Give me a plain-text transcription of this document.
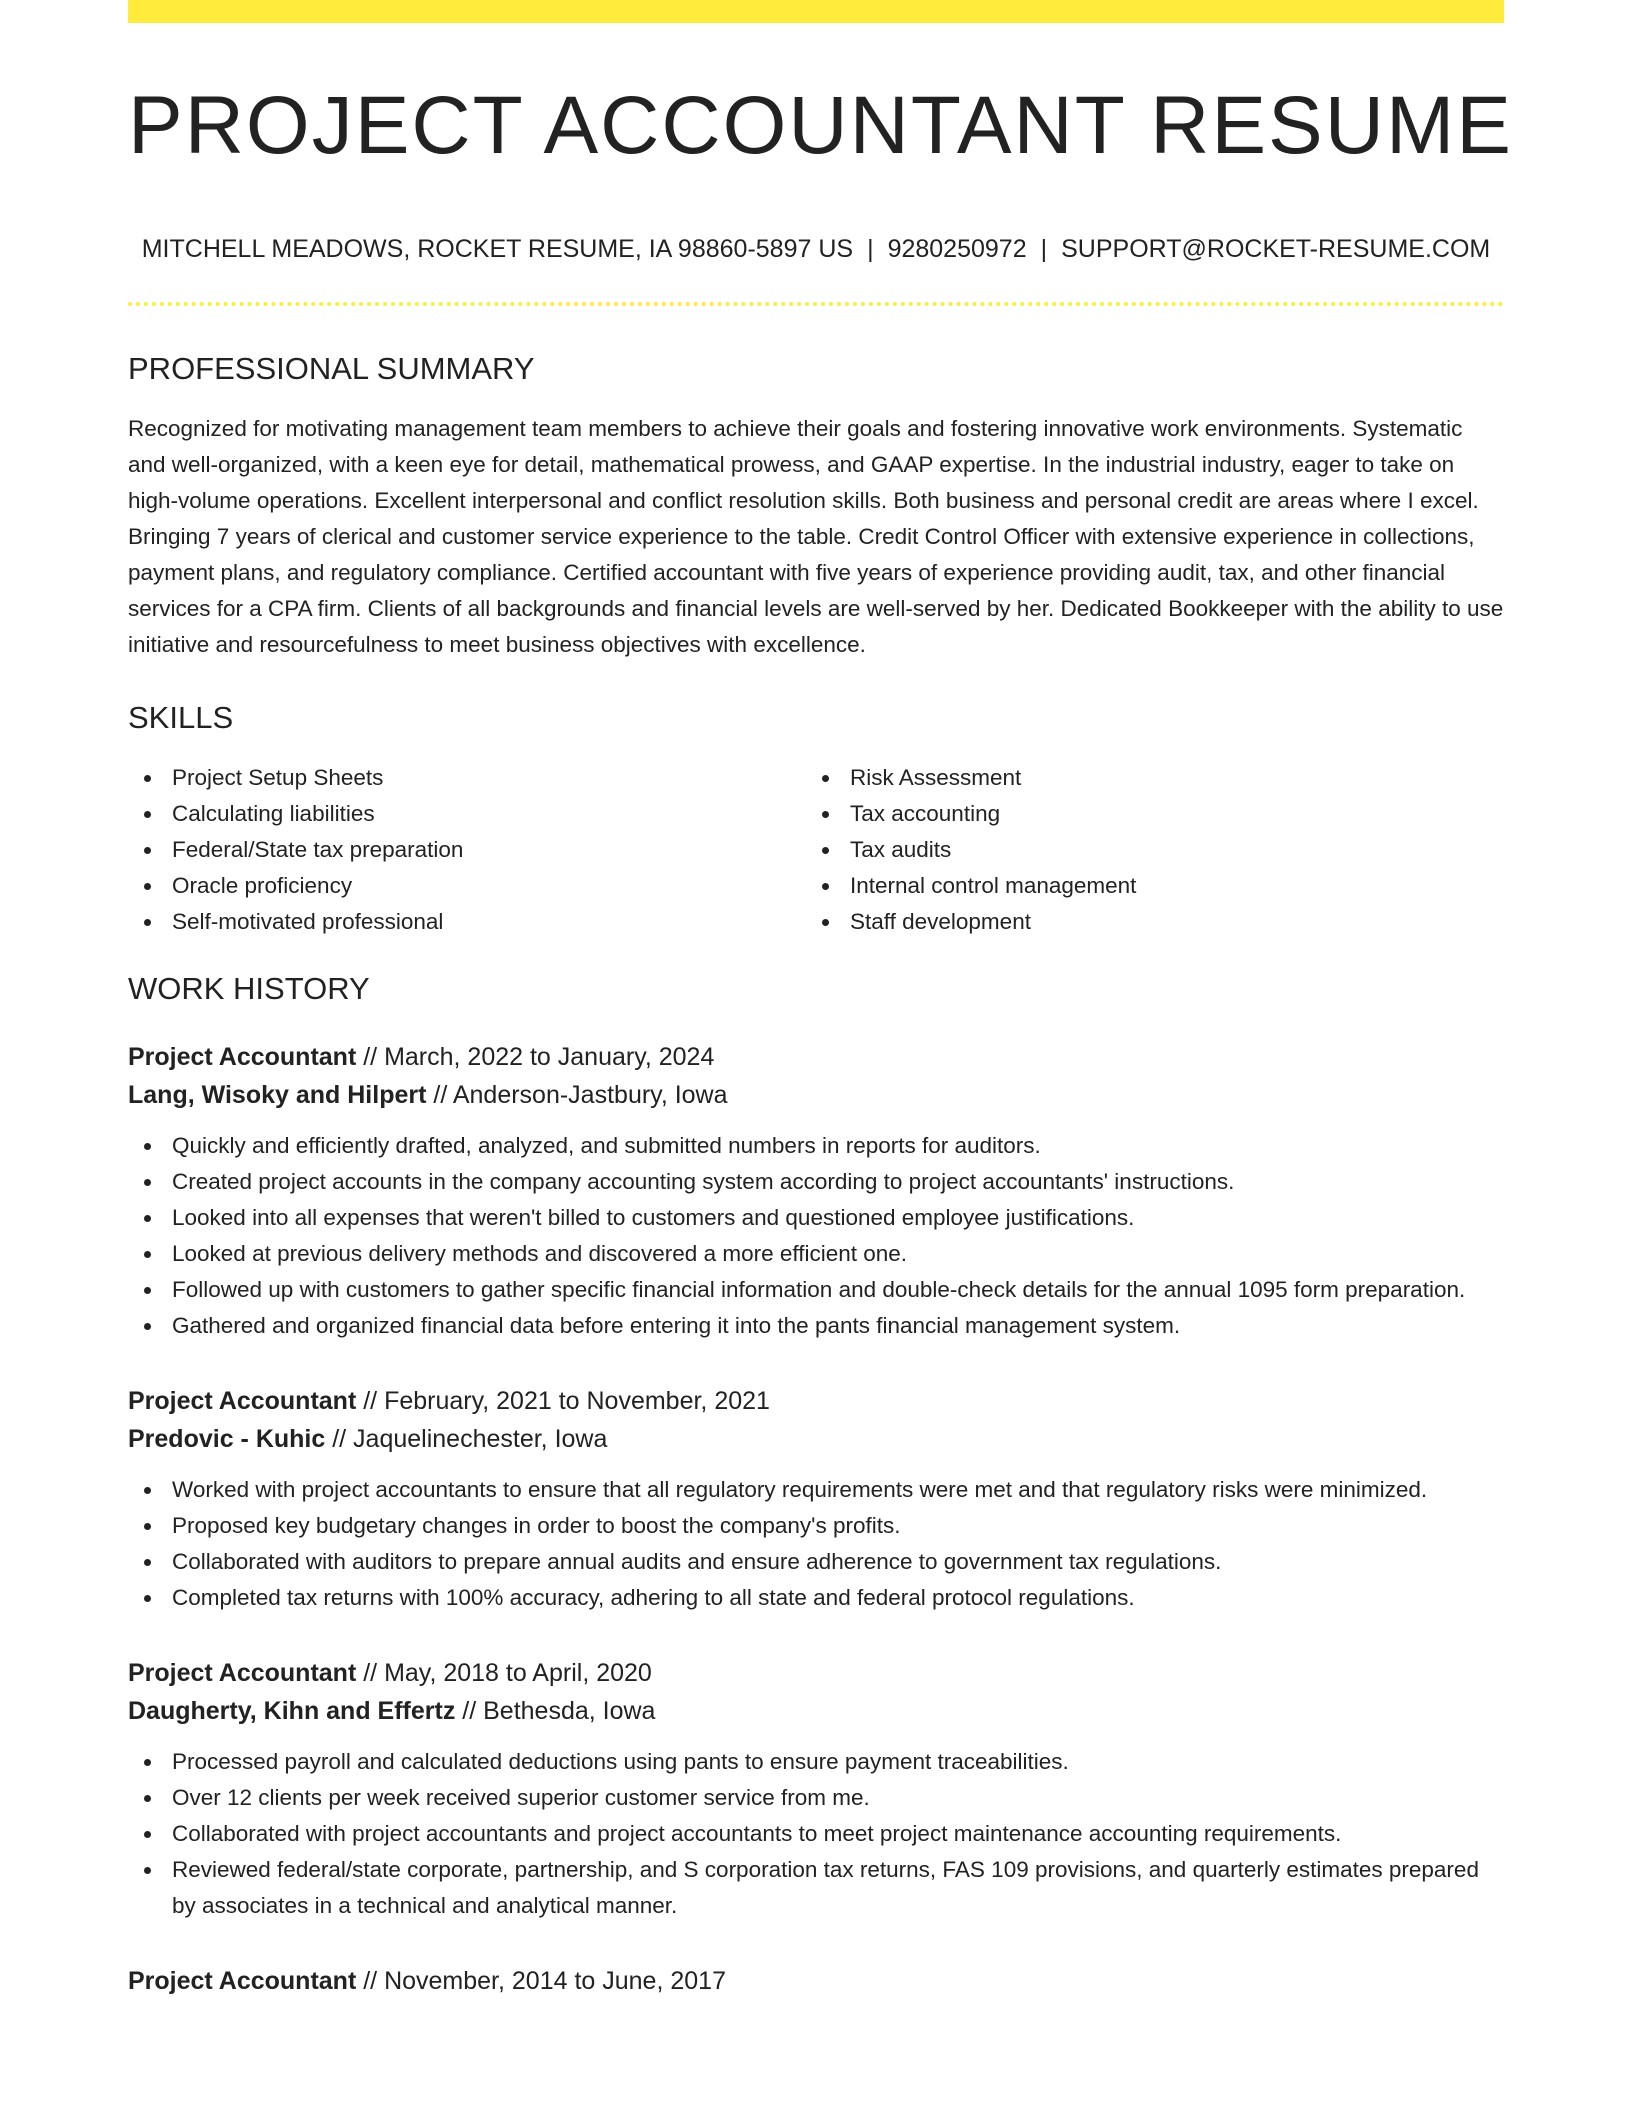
PROJECT ACCOUNTANT RESUME
MITCHELL MEADOWS, ROCKET RESUME, IA 98860-5897 US | 9280250972 | SUPPORT@ROCKET-RESUME.COM
PROFESSIONAL SUMMARY

Recognized for motivating management team members to achieve their goals and fostering innovative work environments. Systematic and well-organized, with a keen eye for detail, mathematical prowess, and GAAP expertise. In the industrial industry, eager to take on high-volume operations. Excellent interpersonal and conflict resolution skills. Both business and personal credit are areas where I excel. Bringing 7 years of clerical and customer service experience to the table. Credit Control Officer with extensive experience in collections, payment plans, and regulatory compliance. Certified accountant with five years of experience providing audit, tax, and other financial services for a CPA firm. Clients of all backgrounds and financial levels are well-served by her. Dedicated Bookkeeper with the ability to use initiative and resourcefulness to meet business objectives with excellence.

SKILLS
Project Setup Sheets
Calculating liabilities
Federal/State tax preparation
Oracle proficiency
Self-motivated professional
Risk Assessment
Tax accounting
Tax audits
Internal control management
Staff development
WORK HISTORY
Project Accountant // March, 2022 to January, 2024
Lang, Wisoky and Hilpert // Anderson-Jastbury, Iowa
Quickly and efficiently drafted, analyzed, and submitted numbers in reports for auditors.
Created project accounts in the company accounting system according to project accountants' instructions.
Looked into all expenses that weren't billed to customers and questioned employee justifications.
Looked at previous delivery methods and discovered a more efficient one.
Followed up with customers to gather specific financial information and double-check details for the annual 1095 form preparation.
Gathered and organized financial data before entering it into the pants financial management system.
Project Accountant // February, 2021 to November, 2021
Predovic - Kuhic // Jaquelinechester, Iowa
Worked with project accountants to ensure that all regulatory requirements were met and that regulatory risks were minimized.
Proposed key budgetary changes in order to boost the company's profits.
Collaborated with auditors to prepare annual audits and ensure adherence to government tax regulations.
Completed tax returns with 100% accuracy, adhering to all state and federal protocol regulations.
Project Accountant // May, 2018 to April, 2020
Daugherty, Kihn and Effertz // Bethesda, Iowa
Processed payroll and calculated deductions using pants to ensure payment traceabilities.
Over 12 clients per week received superior customer service from me.
Collaborated with project accountants and project accountants to meet project maintenance accounting requirements.
Reviewed federal/state corporate, partnership, and S corporation tax returns, FAS 109 provisions, and quarterly estimates prepared by associates in a technical and analytical manner.
Project Accountant // November, 2014 to June, 2017
